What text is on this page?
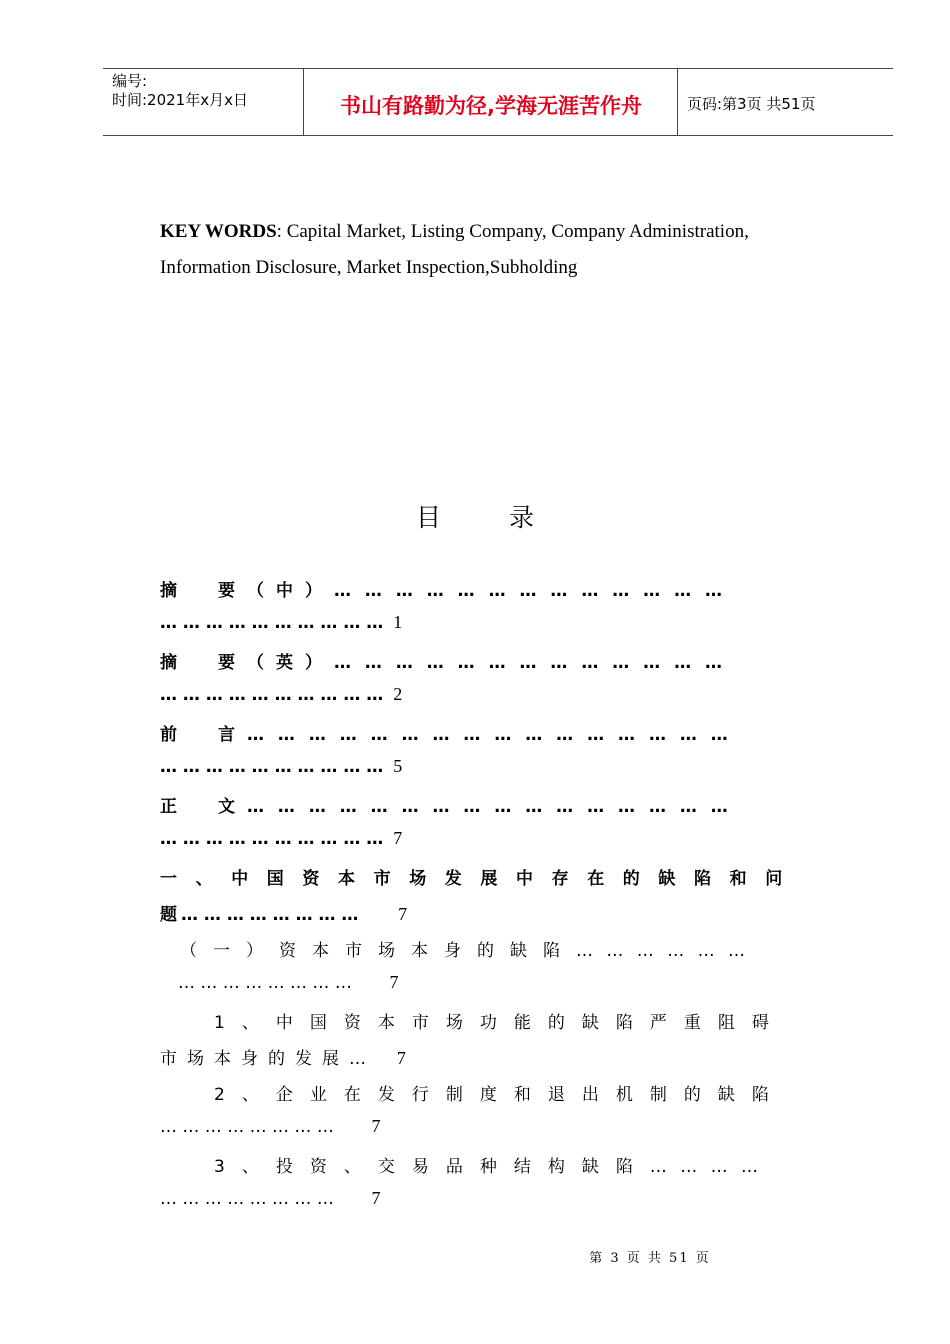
编号:
时间:2021年x月x日	书山有路勤为径,学海无涯苦作舟	页码:第3页 共51页
KEY WORDS: Capital Market, Listing Company, Company Administration,
Information Disclosure, Market Inspection,Subholding
目 录
摘　要（中）… … … … … … … … … … … … …
… … … … … … … … … … 1
摘　要（英）… … … … … … … … … … … … …
… … … … … … … … … … 2
前　言… … … … … … … … … … … … … … … …
… … … … … … … … … … 5
正　文… … … … … … … … … … … … … … … …
… … … … … … … … … … 7
一、中国资本市场发展中存在的缺陷和问
题… … … … … … … … 7
（一）资本市场本身的缺陷… … … … … …
… … … … … … … … 7
1、中国资本市场功能的缺陷严重阻碍
市场本身的发展… 7
2、企业在发行制度和退出机制的缺陷
… … … … … … … … 7
3、投资、交易品种结构缺陷… … … …
… … … … … … … … 7
第 3 页 共 51 页
